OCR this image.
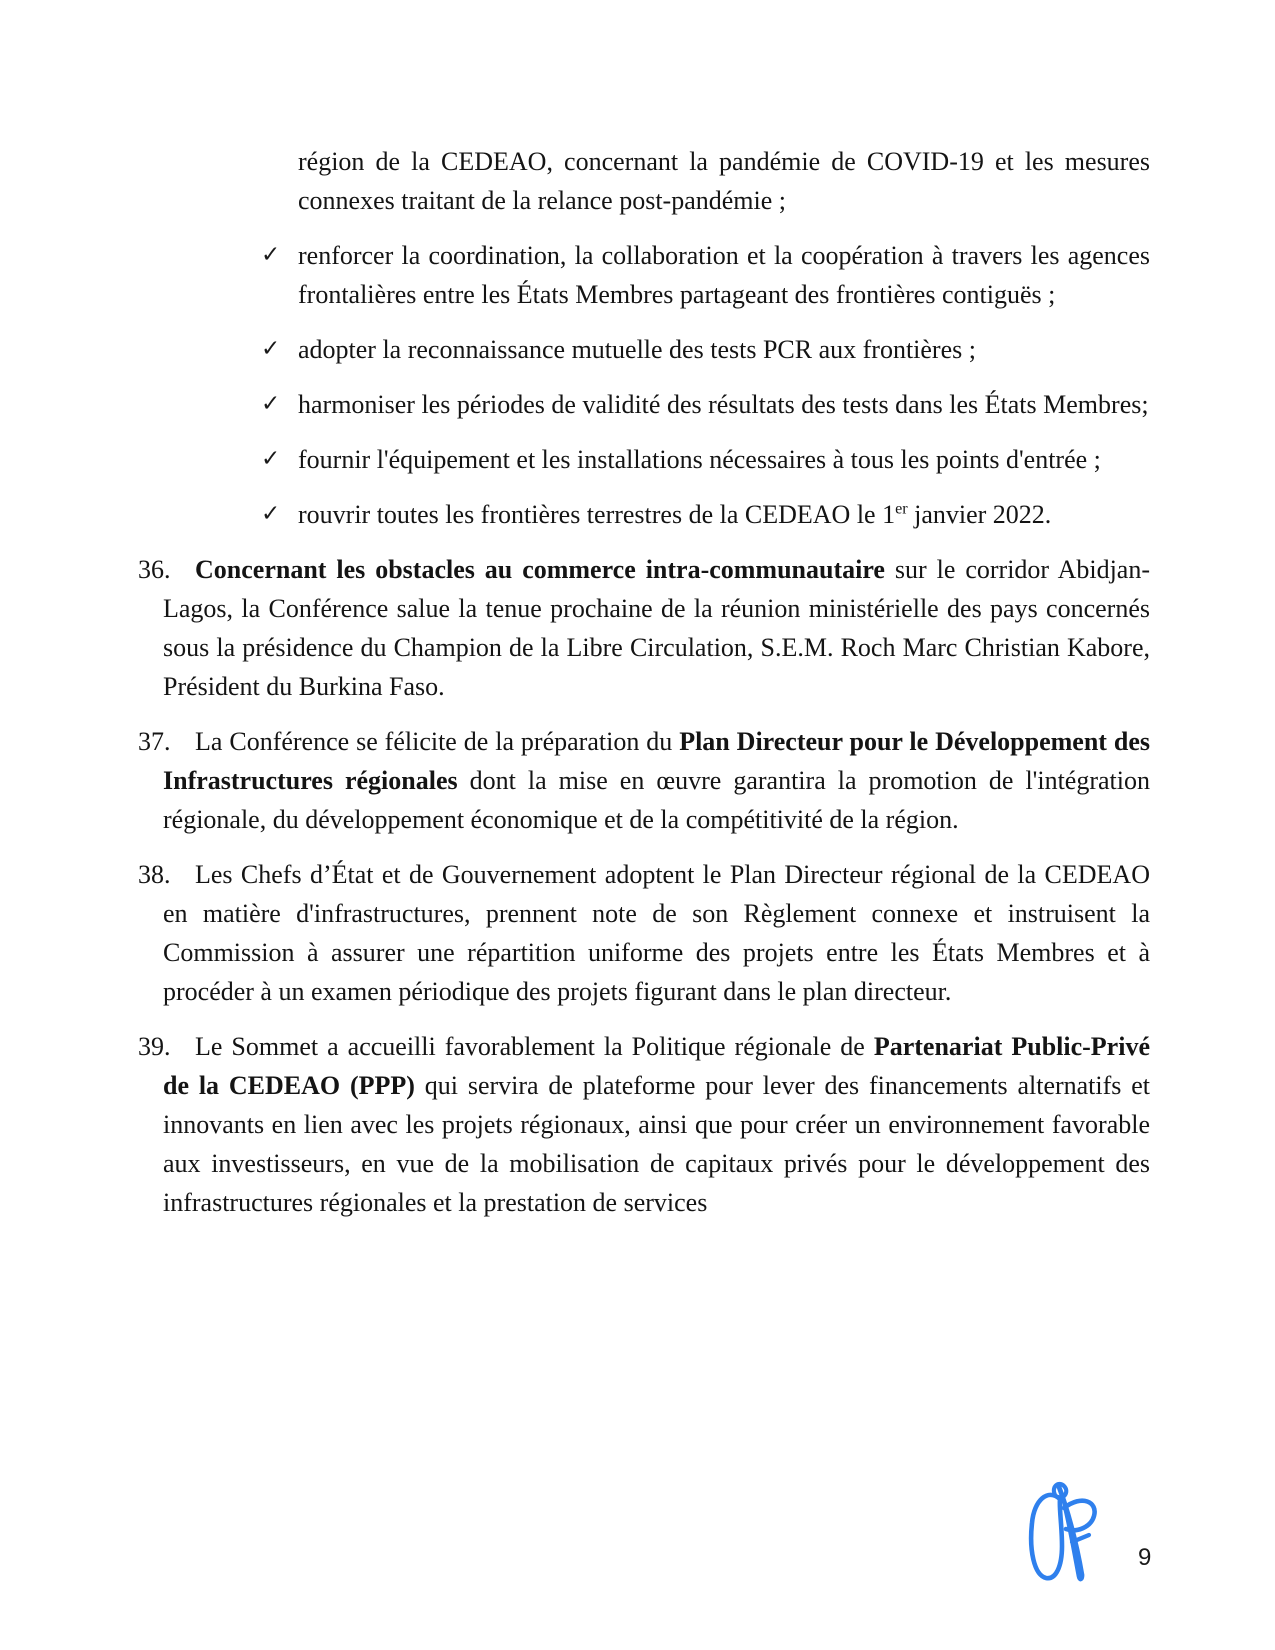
région de la CEDEAO, concernant la pandémie de COVID-19 et les mesures connexes traitant de la relance post-pandémie ;

✓ renforcer la coordination, la collaboration et la coopération à travers les agences frontalières entre les États Membres partageant des frontières contiguës ;
✓ adopter la reconnaissance mutuelle des tests PCR aux frontières ;
✓ harmoniser les périodes de validité des résultats des tests dans les États Membres;
✓ fournir l'équipement et les installations nécessaires à tous les points d'entrée ;
✓ rouvrir toutes les frontières terrestres de la CEDEAO le 1er janvier 2022.

36. Concernant les obstacles au commerce intra-communautaire sur le corridor Abidjan-Lagos, la Conférence salue la tenue prochaine de la réunion ministérielle des pays concernés sous la présidence du Champion de la Libre Circulation, S.E.M. Roch Marc Christian Kabore, Président du Burkina Faso.

37. La Conférence se félicite de la préparation du Plan Directeur pour le Développement des Infrastructures régionales dont la mise en œuvre garantira la promotion de l'intégration régionale, du développement économique et de la compétitivité de la région.

38. Les Chefs d’État et de Gouvernement adoptent le Plan Directeur régional de la CEDEAO en matière d'infrastructures, prennent note de son Règlement connexe et instruisent la Commission à assurer une répartition uniforme des projets entre les États Membres et à procéder à un examen périodique des projets figurant dans le plan directeur.

39. Le Sommet a accueilli favorablement la Politique régionale de Partenariat Public-Privé de la CEDEAO (PPP) qui servira de plateforme pour lever des financements alternatifs et innovants en lien avec les projets régionaux, ainsi que pour créer un environnement favorable aux investisseurs, en vue de la mobilisation de capitaux privés pour le développement des infrastructures régionales et la prestation de services

9
